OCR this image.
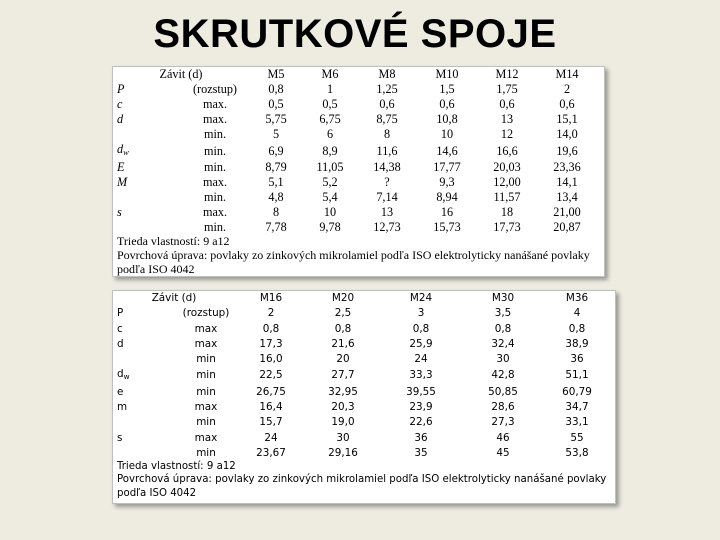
SKRUTKOVÉ SPOJE
Závit (d)		M5	M6	M8	M10	M12	M14
P	(rozstup)	0,8	1	1,25	1,5	1,75	2
c	max.	0,5	0,5	0,6	0,6	0,6	0,6
d	max.	5,75	6,75	8,75	10,8	13	15,1
	min.	5	6	8	10	12	14,0
$d_w$	min.	6,9	8,9	11,6	14,6	16,6	19,6
E	min.	8,79	11,05	14,38	17,77	20,03	23,36
M	max.	5,1	5,2	?	9,3	12,00	14,1
	min.	4,8	5,4	7,14	8,94	11,57	13,4
s	max.	8	10	13	16	18	21,00
	min.	7,78	9,78	12,73	15,73	17,73	20,87
Trieda vlastností: 9 a12
Povrchová úprava: povlaky zo zinkových mikrolamiel podľa ISO elektrolyticky nanášané povlaky podľa ISO 4042
Závit (d)		M16	M20	M24	M30	M36
P	(rozstup)	2	2,5	3	3,5	4
c	max	0,8	0,8	0,8	0,8	0,8
d	max	17,3	21,6	25,9	32,4	38,9
	min	16,0	20	24	30	36
$d_w$	min	22,5	27,7	33,3	42,8	51,1
e	min	26,75	32,95	39,55	50,85	60,79
m	max	16,4	20,3	23,9	28,6	34,7
	min	15,7	19,0	22,6	27,3	33,1
s	max	24	30	36	46	55
	min	23,67	29,16	35	45	53,8
Trieda vlastností: 9 a12
Povrchová úprava: povlaky zo zinkových mikrolamiel podľa ISO elektrolyticky nanášané povlaky podľa ISO 4042
